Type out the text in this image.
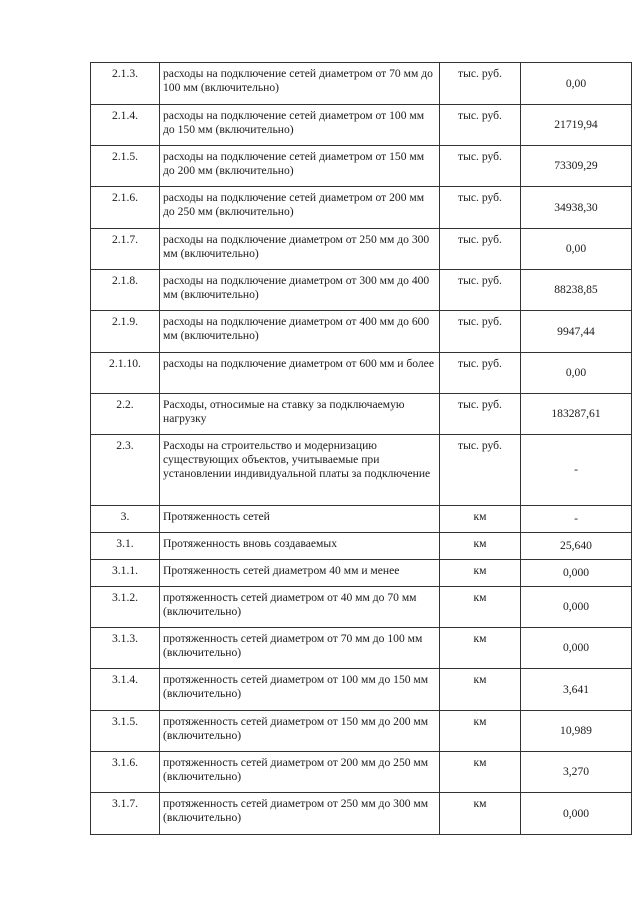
2.1.3.	расходы на подключение сетей диаметром от 70 мм до 100 мм (включительно)	тыс. руб.	0,00
2.1.4.	расходы на подключение сетей диаметром от 100 мм до 150 мм (включительно)	тыс. руб.	21719,94
2.1.5.	расходы на подключение сетей диаметром от 150 мм до 200 мм (включительно)	тыс. руб.	73309,29
2.1.6.	расходы на подключение сетей диаметром от 200 мм до 250 мм (включительно)	тыс. руб.	34938,30
2.1.7.	расходы на подключение диаметром от 250 мм до 300 мм (включительно)	тыс. руб.	0,00
2.1.8.	расходы на подключение диаметром от 300 мм до 400 мм (включительно)	тыс. руб.	88238,85
2.1.9.	расходы на подключение диаметром от 400 мм до 600 мм (включительно)	тыс. руб.	9947,44
2.1.10.	расходы на подключение диаметром от 600 мм и более	тыс. руб.	0,00
2.2.	Расходы, относимые на ставку за подключаемую нагрузку	тыс. руб.	183287,61
2.3.	Расходы на строительство и модернизацию существующих объектов, учитываемые при установлении индивидуальной платы за подключение	тыс. руб.	-
3.	Протяженность сетей	км	-
3.1.	Протяженность вновь создаваемых	км	25,640
3.1.1.	Протяженность сетей диаметром 40 мм и менее	км	0,000
3.1.2.	протяженность сетей диаметром от 40 мм до 70 мм (включительно)	км	0,000
3.1.3.	протяженность сетей диаметром от 70 мм до 100 мм (включительно)	км	0,000
3.1.4.	протяженность сетей диаметром от 100 мм до 150 мм (включительно)	км	3,641
3.1.5.	протяженность сетей диаметром от 150 мм до 200 мм (включительно)	км	10,989
3.1.6.	протяженность сетей диаметром от 200 мм до 250 мм (включительно)	км	3,270
3.1.7.	протяженность сетей диаметром от 250 мм до 300 мм (включительно)	км	0,000
